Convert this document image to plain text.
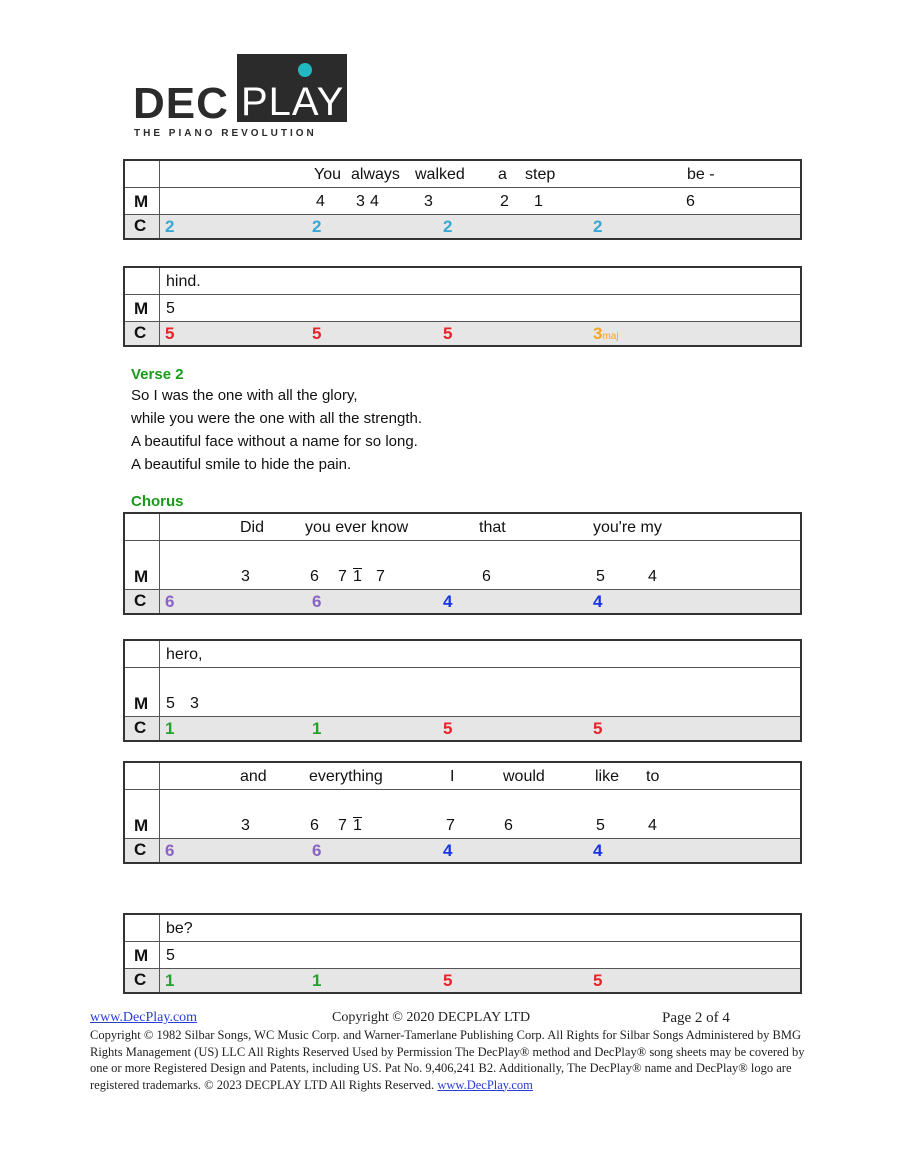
DEC PLAY
THE PIANO REVOLUTION
You always walked a step	be -
M	4 3 4	3	2 1	6
C 2	2	2	2
hind.
M 5
C 5	5	5	3maj
Verse 2
So I was the one with all the glory,
while you were the one with all the strength.
A beautiful face without a name for so long.
A beautiful smile to hide the pain.
Chorus
Did	you ever know	that	you're my
M	3	6 7 1 7	6	5	4
C 6	6	4	4
hero,
M 5 3
C 1	1	5	5
and	everything	I	would	like to
M	3	6 7 1	7	6	5	4
C 6	6	4	4
be?
M 5
C 1	1	5	5
www.DecPlay.com	Copyright © 2020 DECPLAY LTD	Page 2 of 4
Copyright © 1982 Silbar Songs, WC Music Corp. and Warner-Tamerlane Publishing Corp. All Rights for Silbar Songs Administered by BMG Rights Management (US) LLC All Rights Reserved Used by Permission The DecPlay® method and DecPlay® song sheets may be covered by one or more Registered Design and Patents, including US. Pat No. 9,406,241 B2. Additionally, The DecPlay® name and DecPlay® logo are registered trademarks. © 2023 DECPLAY LTD All Rights Reserved. www.DecPlay.com
